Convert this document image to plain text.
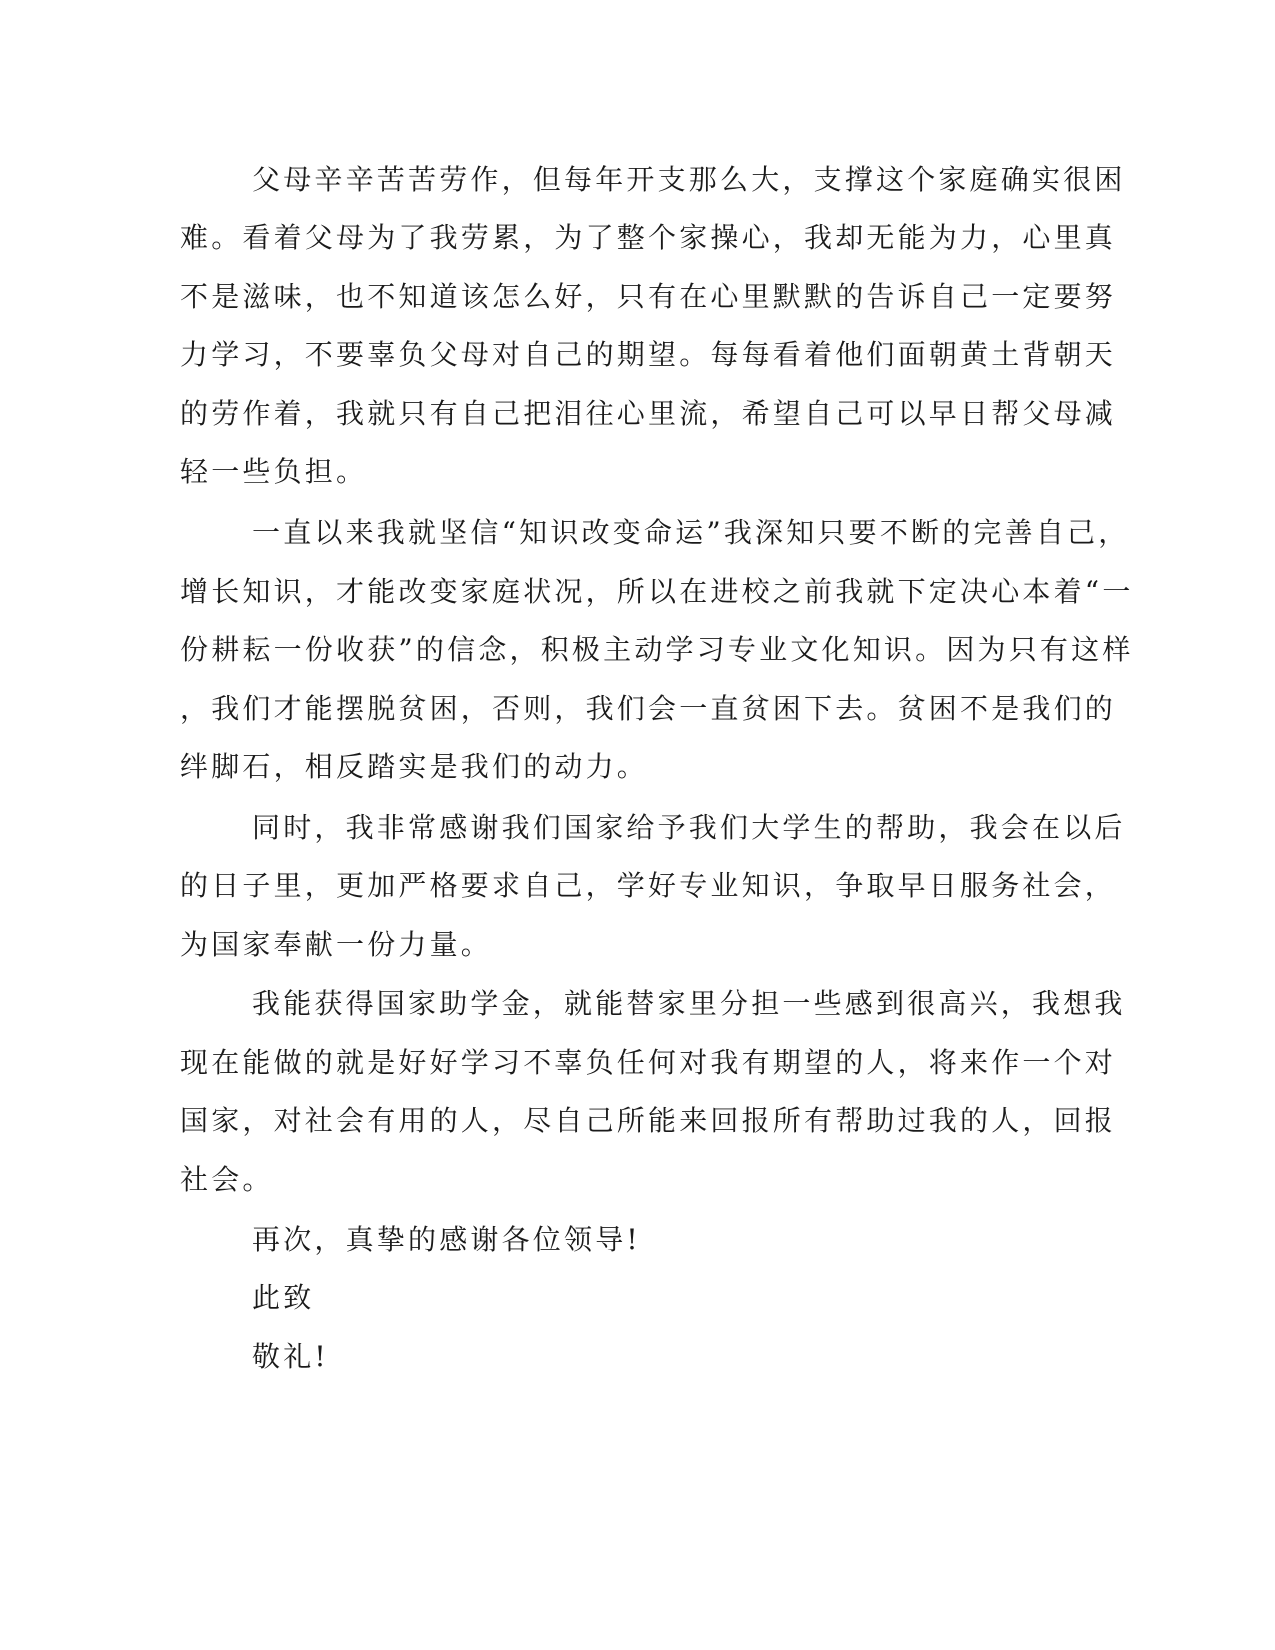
父母辛辛苦苦劳作，但每年开支那么大，支撑这个家庭确实很困
难。看着父母为了我劳累，为了整个家操心，我却无能为力，心里真
不是滋味，也不知道该怎么好，只有在心里默默的告诉自己一定要努
力学习，不要辜负父母对自己的期望。每每看着他们面朝黄土背朝天
的劳作着，我就只有自己把泪往心里流，希望自己可以早日帮父母减
轻一些负担。
一直以来我就坚信“知识改变命运”我深知只要不断的完善自己，
增长知识，才能改变家庭状况，所以在进校之前我就下定决心本着“一
份耕耘一份收获”的信念，积极主动学习专业文化知识。因为只有这样
，我们才能摆脱贫困，否则，我们会一直贫困下去。贫困不是我们的
绊脚石，相反踏实是我们的动力。
同时，我非常感谢我们国家给予我们大学生的帮助，我会在以后
的日子里，更加严格要求自己，学好专业知识，争取早日服务社会，
为国家奉献一份力量。
我能获得国家助学金，就能替家里分担一些感到很高兴，我想我
现在能做的就是好好学习不辜负任何对我有期望的人，将来作一个对
国家，对社会有用的人，尽自己所能来回报所有帮助过我的人，回报
社会。
再次，真挚的感谢各位领导!
此致
敬礼!
